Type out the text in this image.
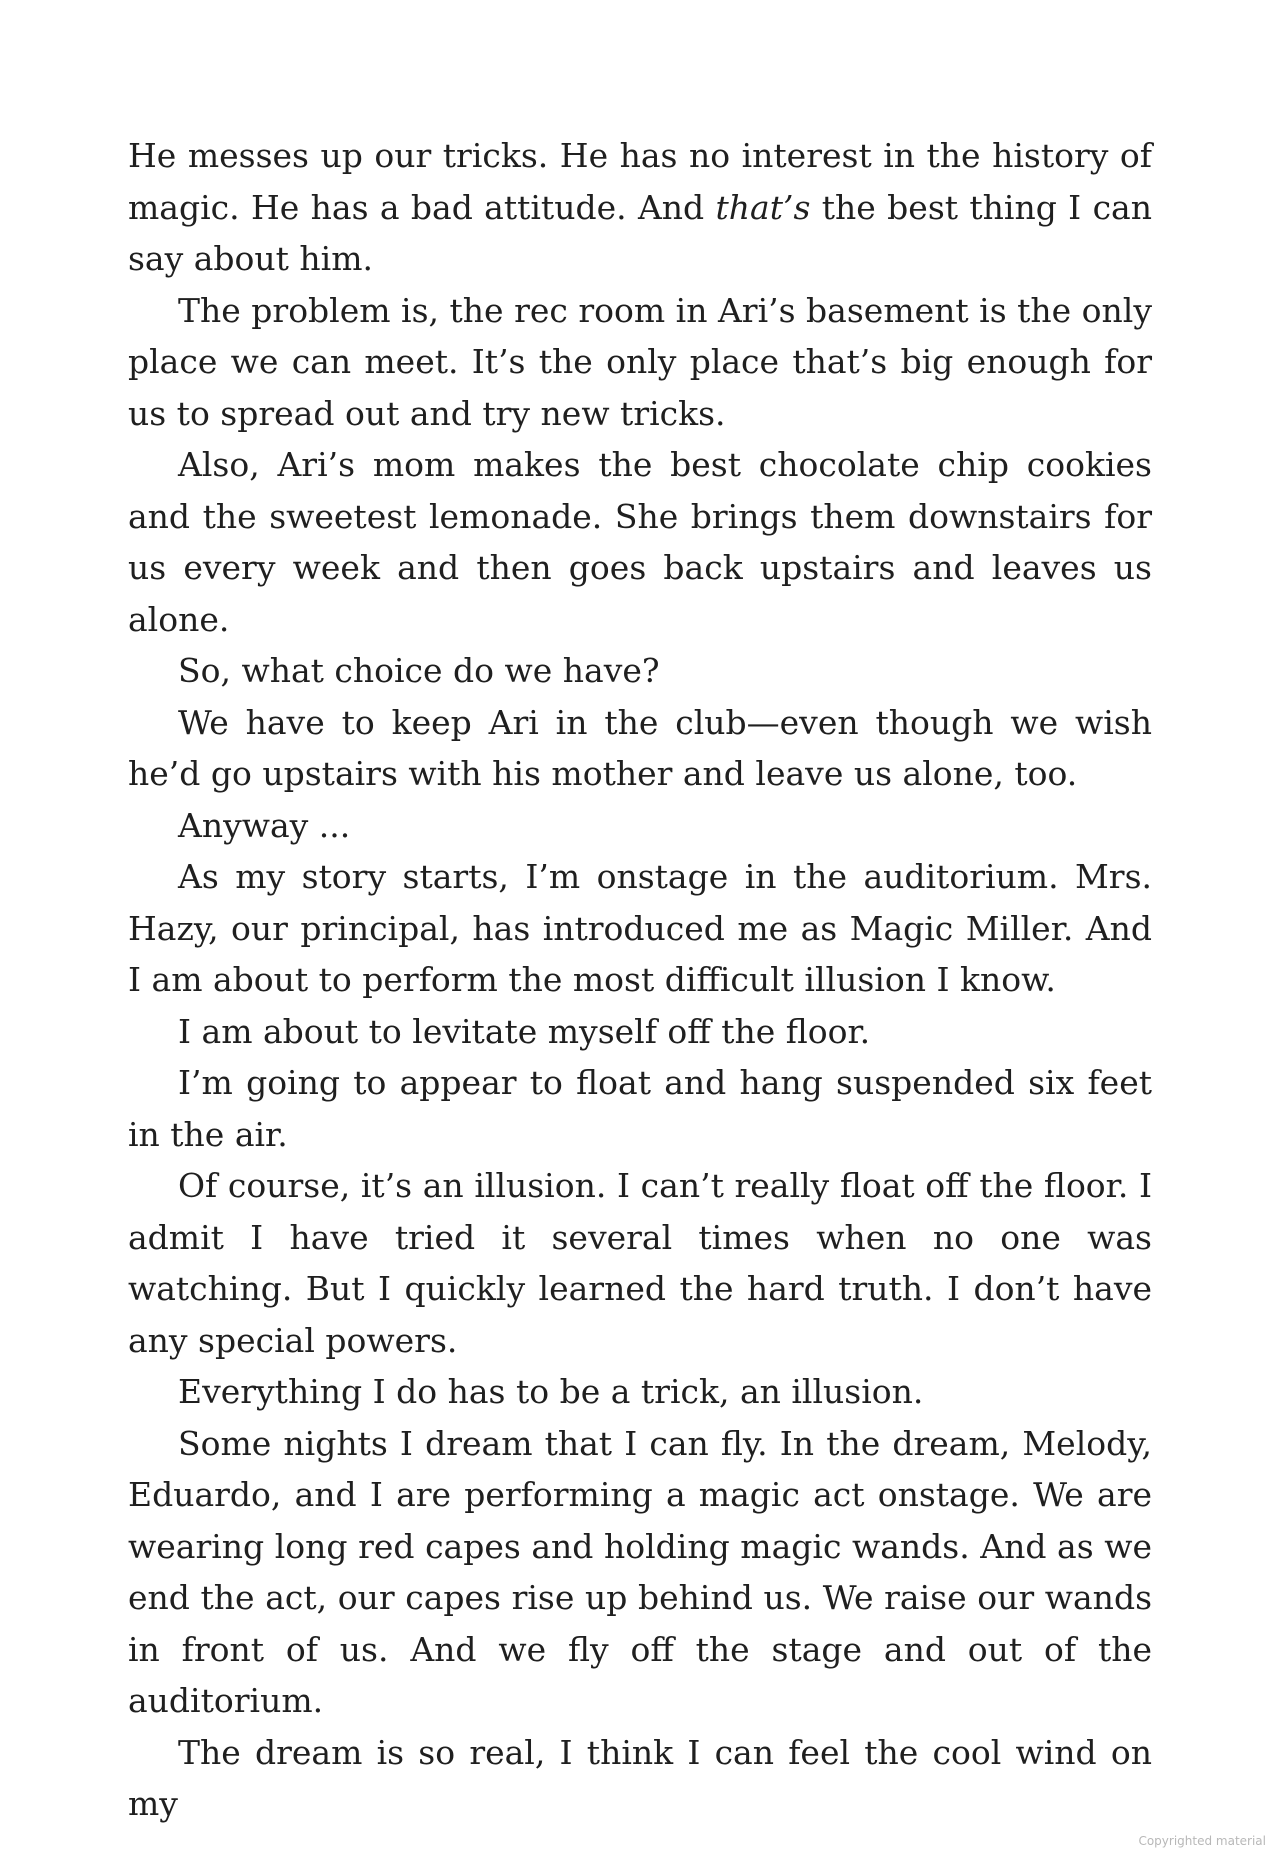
He messes up our tricks. He has no interest in the history of magic. He has a bad attitude. And that’s the best thing I can say about him.

The problem is, the rec room in Ari’s basement is the only place we can meet. It’s the only place that’s big enough for us to spread out and try new tricks.

Also, Ari’s mom makes the best chocolate chip cookies and the sweetest lemonade. She brings them downstairs for us every week and then goes back upstairs and leaves us alone.

So, what choice do we have?

We have to keep Ari in the club—even though we wish he’d go upstairs with his mother and leave us alone, too.

Anyway ...

As my story starts, I’m onstage in the auditorium. Mrs. Hazy, our principal, has introduced me as Magic Miller. And I am about to perform the most difficult illusion I know.

I am about to levitate myself off the floor.

I’m going to appear to float and hang suspended six feet in the air.

Of course, it’s an illusion. I can’t really float off the floor. I admit I have tried it several times when no one was watching. But I quickly learned the hard truth. I don’t have any special powers.

Everything I do has to be a trick, an illusion.

Some nights I dream that I can fly. In the dream, Melody, Eduardo, and I are performing a magic act onstage. We are wearing long red capes and holding magic wands. And as we end the act, our capes rise up behind us. We raise our wands in front of us. And we fly off the stage and out of the auditorium.

The dream is so real, I think I can feel the cool wind on my

Copyrighted material
